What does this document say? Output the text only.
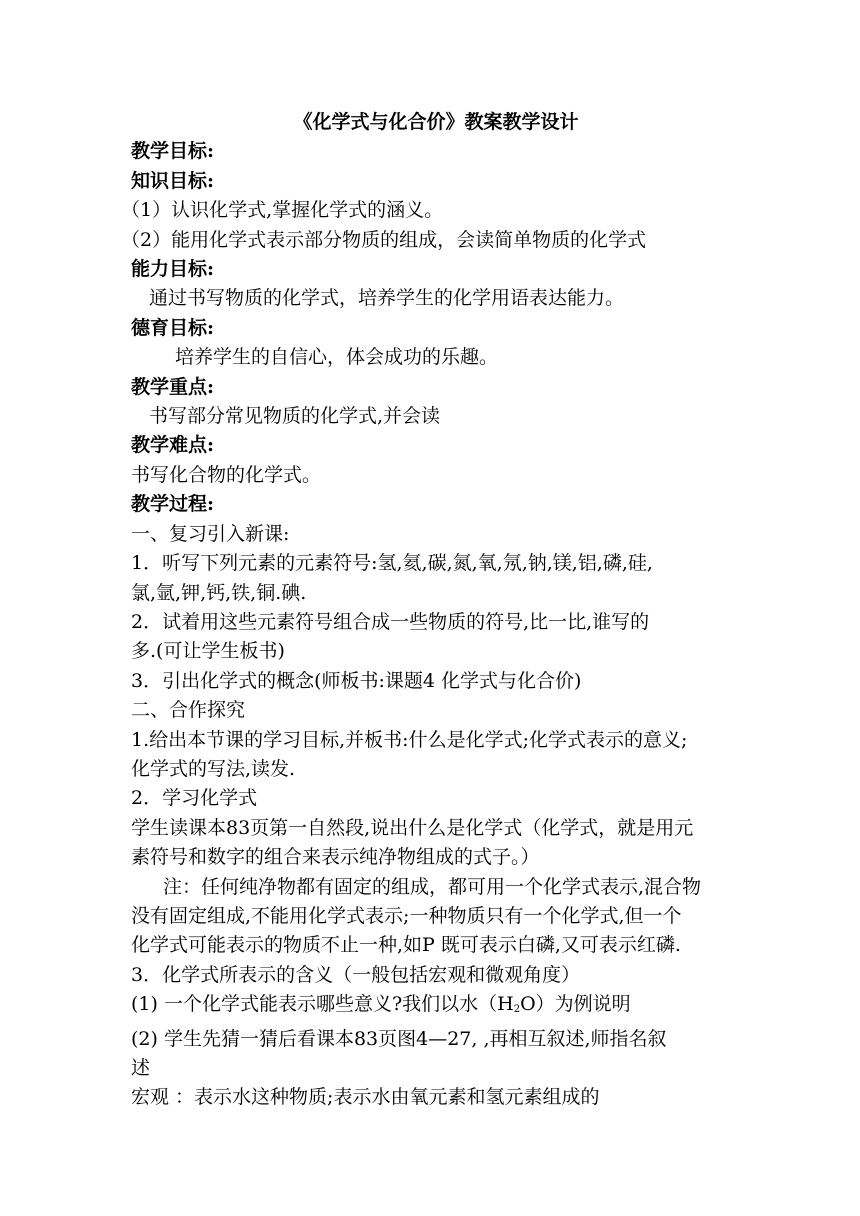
《化学式与化合价》教案教学设计
教学目标:
知识目标:
（1）认识化学式,掌握化学式的涵义。
（2）能用化学式表示部分物质的组成，会读简单物质的化学式
能力目标:
通过书写物质的化学式，培养学生的化学用语表达能力。
德育目标:
培养学生的自信心，体会成功的乐趣。
教学重点:
书写部分常见物质的化学式,并会读
教学难点:
书写化合物的化学式。
教学过程:
一、复习引入新课:
1．听写下列元素的元素符号:氢,氦,碳,氮,氧,氖,钠,镁,铝,磷,硅,
氯,氩,钾,钙,铁,铜.碘.
2．试着用这些元素符号组合成一些物质的符号,比一比,谁写的
多.(可让学生板书)
3．引出化学式的概念(师板书:课题4 化学式与化合价)
二、合作探究
1.给出本节课的学习目标,并板书:什么是化学式;化学式表示的意义;
化学式的写法,读发.
2．学习化学式
学生读课本83页第一自然段,说出什么是化学式（化学式，就是用元
素符号和数字的组合来表示纯净物组成的式子。）
注：任何纯净物都有固定的组成，都可用一个化学式表示,混合物
没有固定组成,不能用化学式表示;一种物质只有一个化学式,但一个
化学式可能表示的物质不止一种,如P 既可表示白磷,又可表示红磷.
3．化学式所表示的含义（一般包括宏观和微观角度）
(1) 一个化学式能表示哪些意义?我们以水$(H_2O)$为例说明
(2) 学生先猜一猜后看课本83页图4—27, ,再相互叙述,师指名叙
述
宏观 ：表示水这种物质;表示水由氧元素和氢元素组成的
